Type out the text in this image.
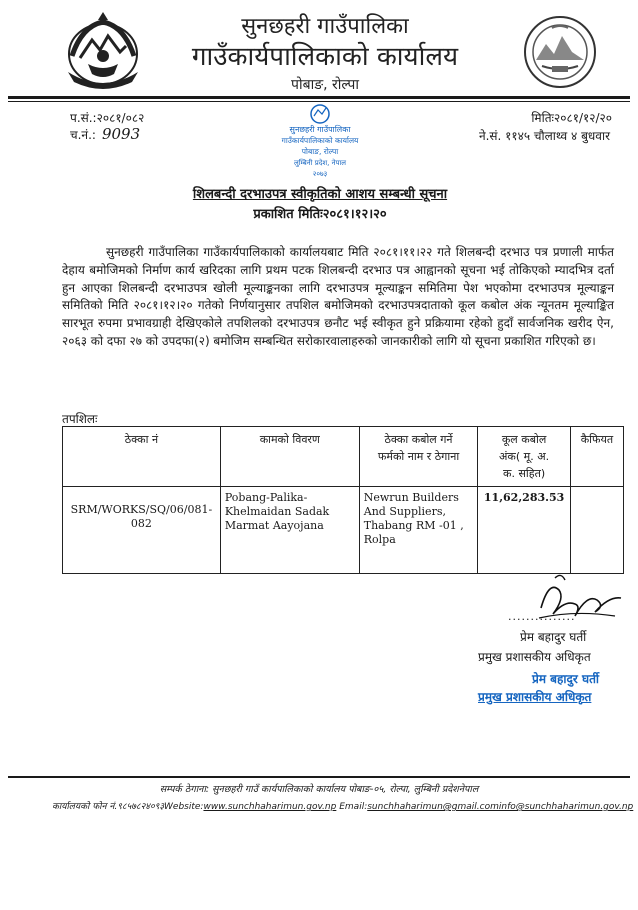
सुनछहरी गाउँपालिका
गाउँकार्यपालिकाको कार्यालय
पोबाङ, रोल्पा
प.सं.:२०८१/०८२
च.नं.: 9093
मितिः२०८१/१२/२०
ने.सं. ११४५ चौलाथ्व ४ बुधवार
सुनछहरी गाउँपालिका
गाउँकार्यपालिकाको कार्यालय
पोबाङ, रोल्पा
लुम्बिनी प्रदेश, नेपाल
२०७३
शिलबन्दी दरभाउपत्र स्वीकृतिको आशय सम्बन्धी सूचना
प्रकाशित मितिः२०८१।१२।२०
सुनछहरी गाउँपालिका गाउँकार्यपालिकाको कार्यालयबाट मिति २०८१।११।२२ गते शिलबन्दी दरभाउ पत्र प्रणाली मार्फत देहाय बमोजिमको निर्माण कार्य खरिदका लागि प्रथम पटक शिलबन्दी दरभाउ पत्र आह्वानको सूचना भई तोकिएको म्यादभित्र दर्ता हुन आएका शिलबन्दी दरभाउपत्र खोली मूल्याङ्कनका लागि दरभाउपत्र मूल्याङ्कन समितिमा पेश भएकोमा दरभाउपत्र मूल्याङ्कन समितिको मिति २०८१।१२।२० गतेको निर्णयानुसार तपशिल बमोजिमको दरभाउपत्रदाताको कूल कबोल अंक न्यूनतम मूल्याङ्कित सारभूत रुपमा प्रभावग्राही देखिएकोले तपशिलको दरभाउपत्र छनौट भई स्वीकृत हुने प्रक्रियामा रहेको हुदाँ सार्वजनिक खरीद ऐन, २०६३ को दफा २७ को उपदफा(२) बमोजिम सम्बन्धित सरोकारवालाहरुको जानकारीको लागि यो सूचना प्रकाशित गरिएको छ।
तपशिलः
ठेक्का नं	कामको विवरण	ठेक्का कबोल गर्ने
फर्मको नाम र ठेगाना	कूल कबोल
अंक( मू. अ.
क. सहित)	कैफियत
SRM/WORKS/SQ/06/081-082	Pobang-Palika-Khelmaidan Sadak Marmat Aayojana	Newrun Builders And Suppliers, Thabang RM -01 , Rolpa	11,62,283.53	
...............
प्रेम बहादुर घर्ती
प्रमुख प्रशासकीय अधिकृत
प्रेम बहादुर घर्ती
प्रमुख प्रशासकीय अधिकृत
सम्पर्क ठेगाना: सुनछहरी गाउँ कार्यपालिकाको कार्यालय पोबाङ-०५, रोल्पा, लुम्बिनी प्रदेशनेपाल
कार्यालयको फोन नं.९८५७८२४०९३Website:www.sunchhaharimun.gov.np Email:sunchhaharimun@gmail.cominfo@sunchhaharimun.gov.np
